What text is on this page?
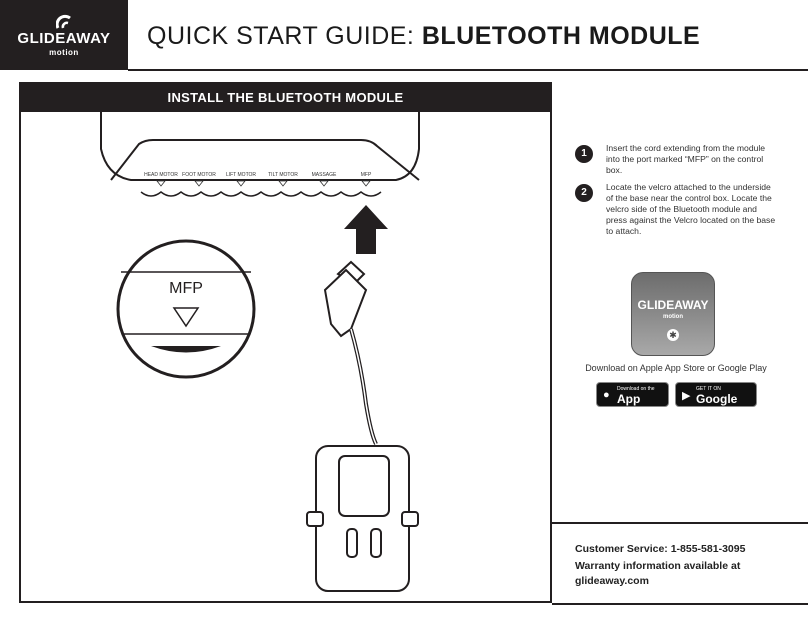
GLIDEAWAY
motion
QUICK START GUIDE: BLUETOOTH MODULE
INSTALL THE BLUETOOTH MODULE
HEAD MOTOR FOOT MOTOR LIFT MOTOR TILT MOTOR	MASSAGE	MFP
MFP
1	Insert the cord extending from the module into the port marked “MFP” on the control box.
2	Locate the velcro attached to the underside of the base near the control box. Locate the velcro side of the Bluetooth module and press against the Velcro located on the base to attach.
GLIDEAWAY
motion
✱
Download on Apple App Store or Google Play
● Download on the
App Store
▶
GET IT ON
Google Play
Customer Service: 1-855-581-3095
Warranty information available at
glideaway.com
